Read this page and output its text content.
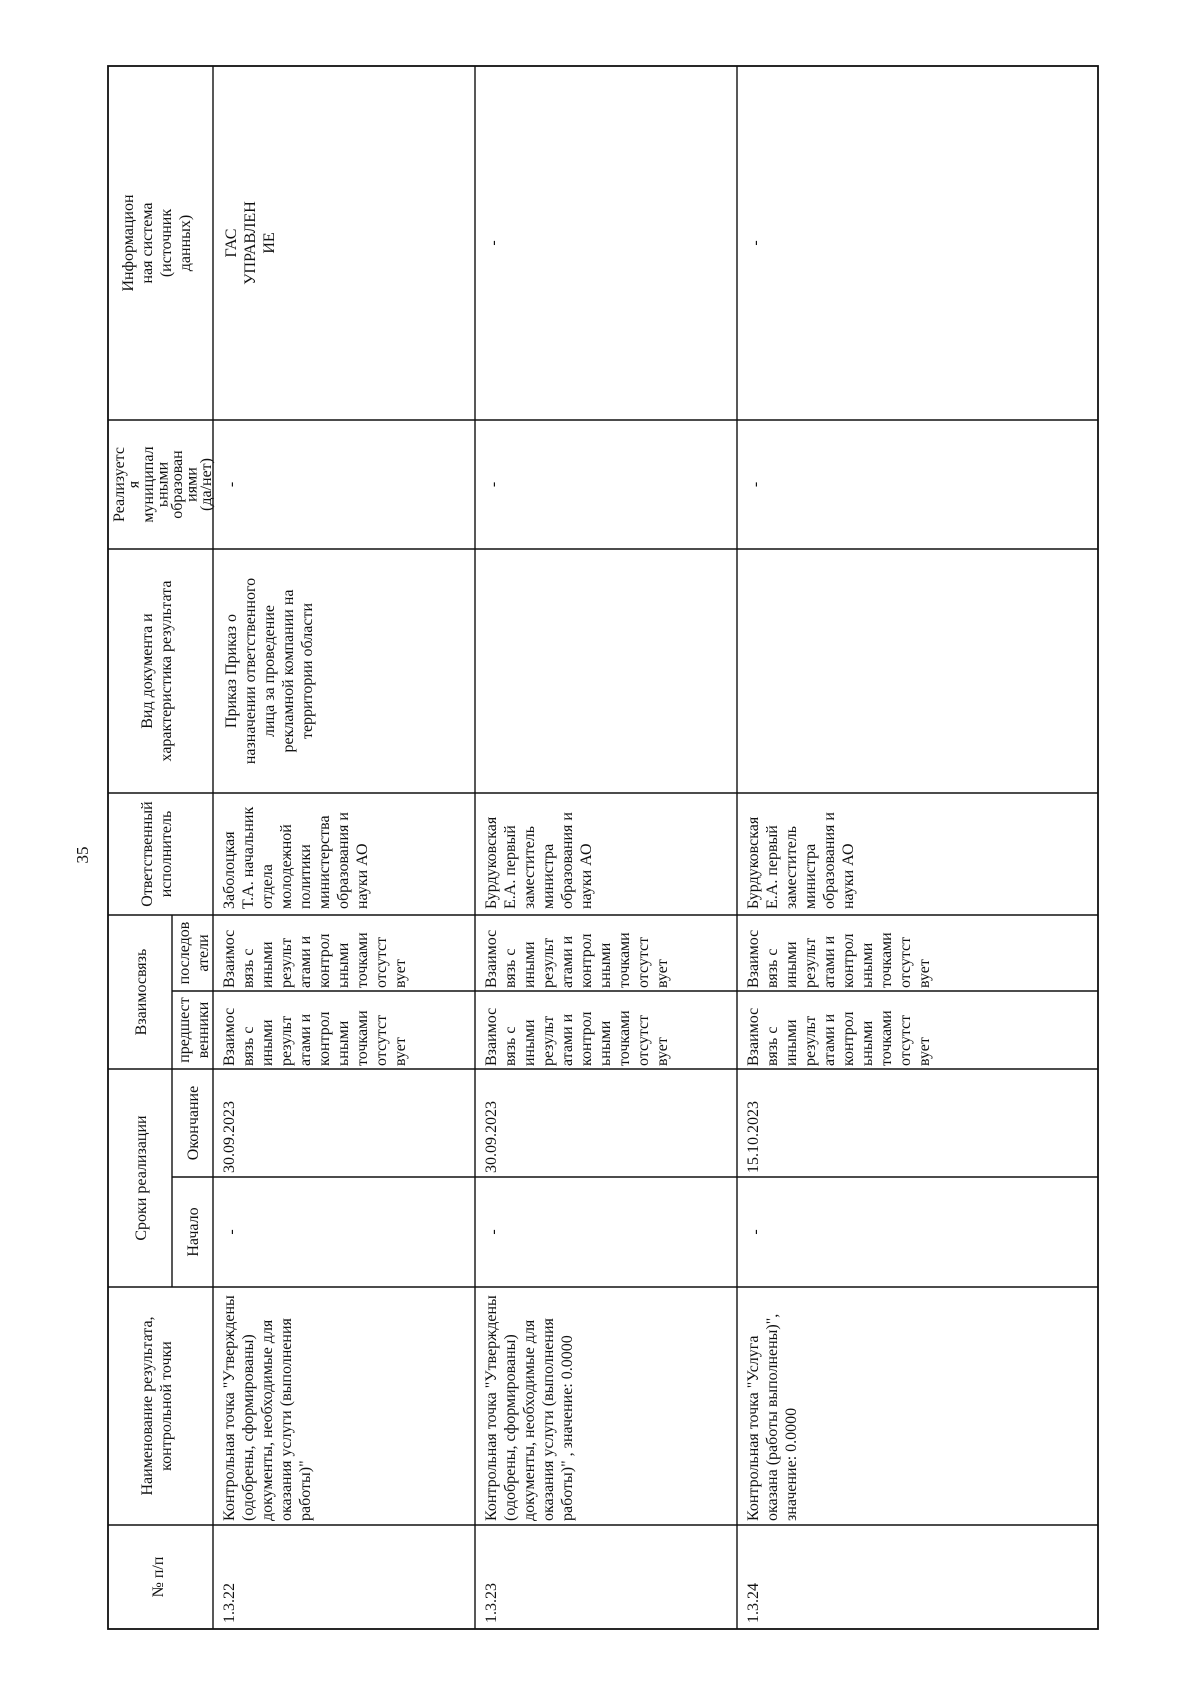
35
№ п/п
Наименование результата, контрольной точки
Сроки реализации Начало
Окончание
Взаимосвязь предшест венники
последов атели
Ответственный исполнитель
Вид документа и характеристика результата
Реализуетсямуниципальнымиобразованиями(да/нет)
Информацион ная система (источник данных)
1.3.22
Контрольная точка "Утверждены (одобрены, сформированы) документы, необходимые для оказания услуги (выполнения работы)"
-
30.09.2023
Взаимос вязь с иными результ атами и контрол ьными точками отсутст вует
Взаимос вязь с иными результ атами и контрол ьными точками отсутст вует
Заболоцкая Т.А. начальник отдела молодежной политики министерства образования и науки АО
Приказ Приказ о назначении ответственного лица за проведение рекламной компании на территории области
-
ГАС УПРАВЛЕН ИЕ
1.3.23
Контрольная точка "Утверждены (одобрены, сформированы) документы, необходимые для оказания услуги (выполнения работы)" , значение: 0.0000
-
30.09.2023
Взаимос вязь с иными результ атами и контрол ьными точками отсутст вует
Взаимос вязь с иными результ атами и контрол ьными точками отсутст вует
Бурдуковская Е.А. первый заместитель министра образования и науки АО
-
-
1.3.24
Контрольная точка "Услуга оказана (работы выполнены)", значение: 0.0000
-
15.10.2023
Взаимос вязь с иными результ атами и контрол ьными точками отсутст вует
Взаимос вязь с иными результ атами и контрол ьными точками отсутст вует
Бурдуковская Е.А. первый заместитель министра образования и науки АО
-
-
